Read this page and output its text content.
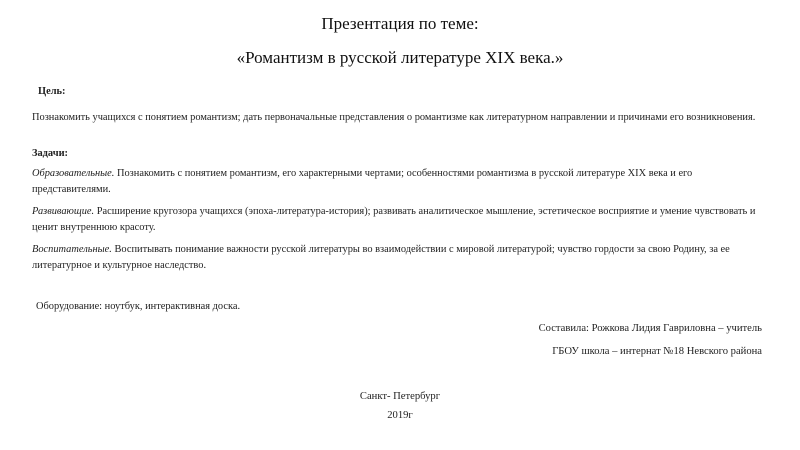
Презентация по теме:
«Романтизм в русской литературе XIX века.»
Цель:
Познакомить учащихся с понятием романтизм; дать первоначальные представления о романтизме как литературном направлении и причинами его возникновения.
Задачи:
Образовательные. Познакомить с понятием романтизм, его характерными чертами; особенностями романтизма в русской литературе XIX века и его представителями.
Развивающие. Расширение кругозора учащихся (эпоха-литература-история); развивать аналитическое мышление, эстетическое восприятие и умение чувствовать и ценит внутреннюю красоту.
Воспитательные. Воспитывать понимание важности русской литературы во взаимодействии с мировой литературой; чувство гордости за свою Родину, за ее литературное и культурное наследство.
Оборудование: ноутбук, интерактивная доска.
Составила: Рожкова Лидия Гавриловна – учитель
ГБОУ школа – интернат №18 Невского района
Санкт- Петербург
2019г
